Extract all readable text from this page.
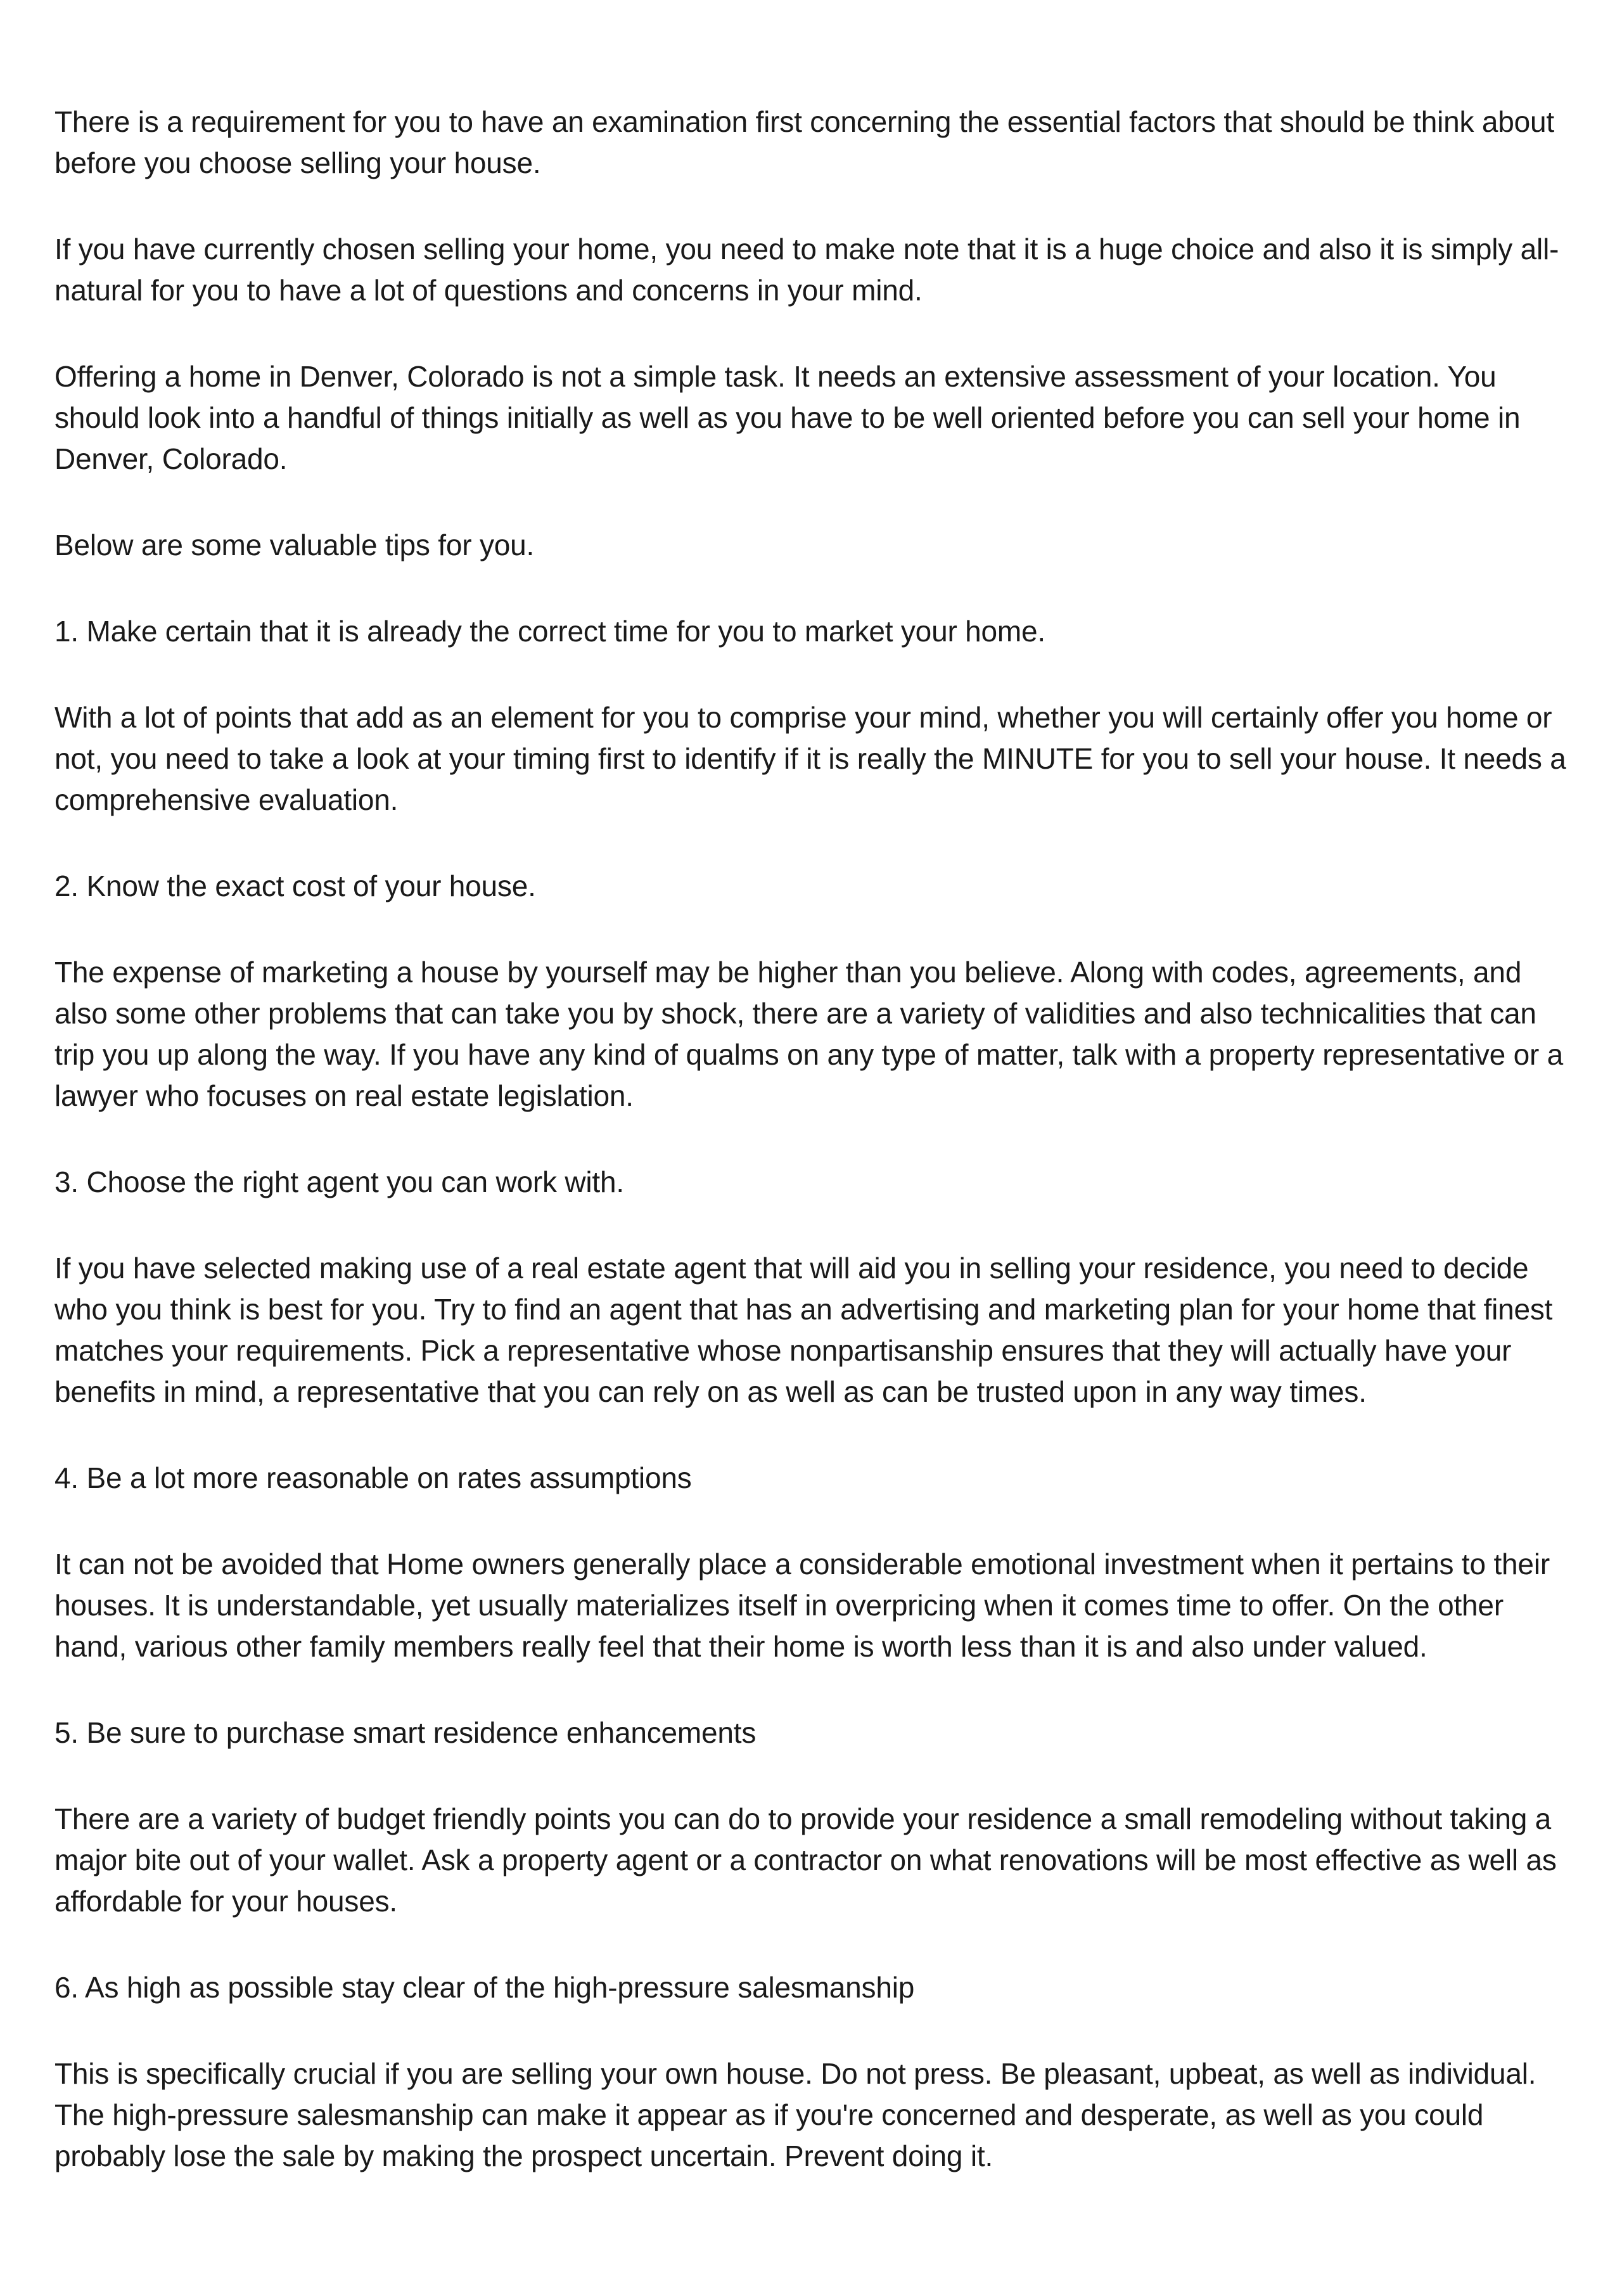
There is a requirement for you to have an examination first concerning the essential factors that should be think about before you choose selling your house.

If you have currently chosen selling your home, you need to make note that it is a huge choice and also it is simply all-natural for you to have a lot of questions and concerns in your mind.

Offering a home in Denver, Colorado is not a simple task. It needs an extensive assessment of your location. You should look into a handful of things initially as well as you have to be well oriented before you can sell your home in Denver, Colorado.

Below are some valuable tips for you.

1. Make certain that it is already the correct time for you to market your home.

With a lot of points that add as an element for you to comprise your mind, whether you will certainly offer you home or not, you need to take a look at your timing first to identify if it is really the MINUTE for you to sell your house. It needs a comprehensive evaluation.

2. Know the exact cost of your house.

The expense of marketing a house by yourself may be higher than you believe. Along with codes, agreements, and also some other problems that can take you by shock, there are a variety of validities and also technicalities that can trip you up along the way. If you have any kind of qualms on any type of matter, talk with a property representative or a lawyer who focuses on real estate legislation.

3. Choose the right agent you can work with.

If you have selected making use of a real estate agent that will aid you in selling your residence, you need to decide who you think is best for you. Try to find an agent that has an advertising and marketing plan for your home that finest matches your requirements. Pick a representative whose nonpartisanship ensures that they will actually have your benefits in mind, a representative that you can rely on as well as can be trusted upon in any way times.

4. Be a lot more reasonable on rates assumptions

It can not be avoided that Home owners generally place a considerable emotional investment when it pertains to their houses. It is understandable, yet usually materializes itself in overpricing when it comes time to offer. On the other hand, various other family members really feel that their home is worth less than it is and also under valued.

5. Be sure to purchase smart residence enhancements

There are a variety of budget friendly points you can do to provide your residence a small remodeling without taking a major bite out of your wallet. Ask a property agent or a contractor on what renovations will be most effective as well as affordable for your houses.

6. As high as possible stay clear of the high-pressure salesmanship

This is specifically crucial if you are selling your own house. Do not press. Be pleasant, upbeat, as well as individual. The high-pressure salesmanship can make it appear as if you're concerned and desperate, as well as you could probably lose the sale by making the prospect uncertain. Prevent doing it.
